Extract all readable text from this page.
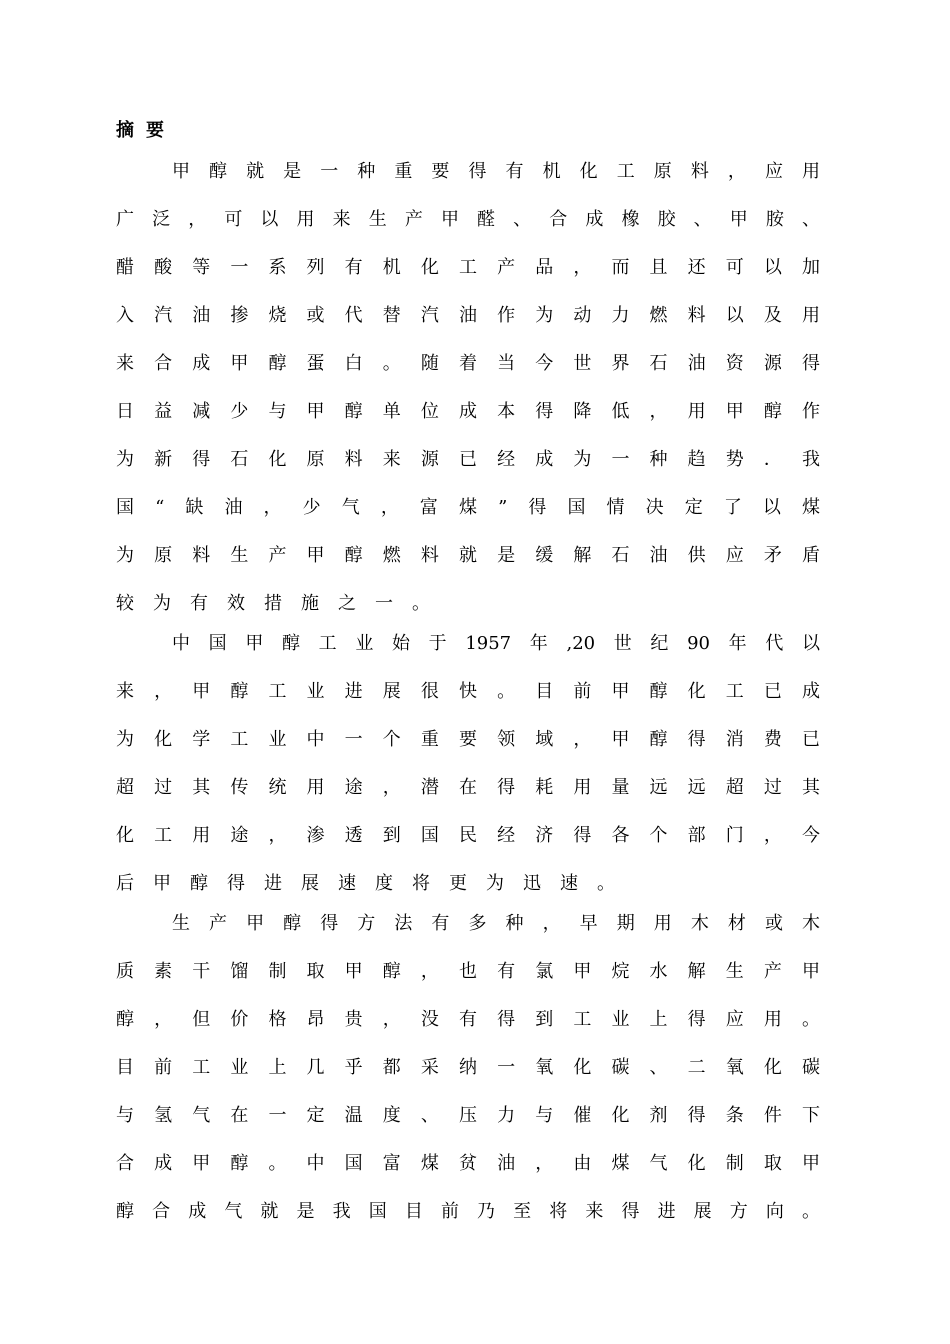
摘要
甲醇就是一种重要得有机化工原料，应用
广泛，可以用来生产甲醛、合成橡胶、甲胺、
醋酸等一系列有机化工产品，而且还可以加
入汽油掺烧或代替汽油作为动力燃料以及用
来合成甲醇蛋白。随着当今世界石油资源得
日益减少与甲醇单位成本得降低，用甲醇作
为新得石化原料来源已经成为一种趋势．我
国“缺油，少气，富煤”得国情决定了以煤
为原料生产甲醇燃料就是缓解石油供应矛盾
较为有效措施之一。
中国甲醇工业始于1957年,20世纪90年代以
来，甲醇工业进展很快。目前甲醇化工已成
为化学工业中一个重要领域，甲醇得消费已
超过其传统用途，潜在得耗用量远远超过其
化工用途，渗透到国民经济得各个部门，今
后甲醇得进展速度将更为迅速。
生产甲醇得方法有多种，早期用木材或木
质素干馏制取甲醇，也有氯甲烷水解生产甲
醇，但价格昂贵，没有得到工业上得应用。
目前工业上几乎都采纳一氧化碳、二氧化碳
与氢气在一定温度、压力与催化剂得条件下
合成甲醇。中国富煤贫油，由煤气化制取甲
醇合成气就是我国目前乃至将来得进展方向。
